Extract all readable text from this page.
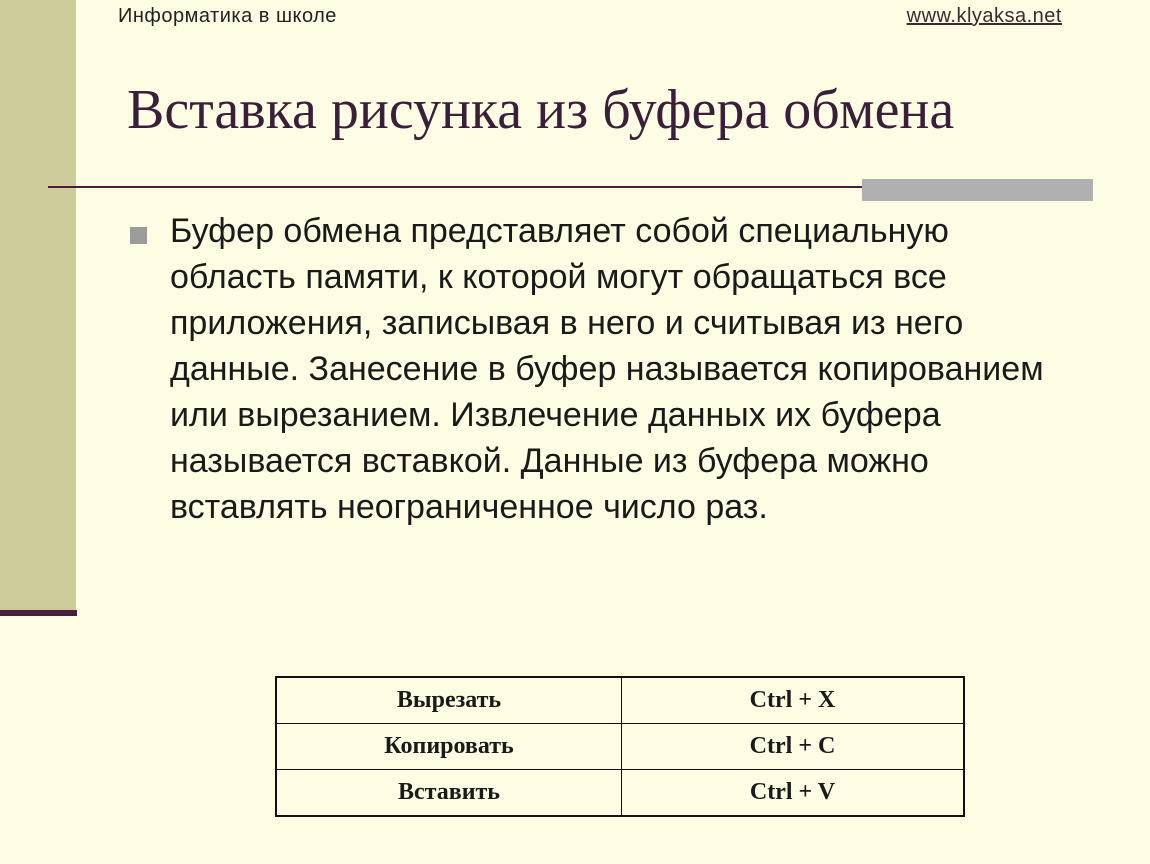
Информатика в школе	www.klyaksa.net
Вставка рисунка из буфера обмена
Буфер обмена представляет собой специальную область памяти, к которой могут обращаться все приложения, записывая в него и считывая из него данные. Занесение в буфер называется копированием или вырезанием. Извлечение данных их буфера называется вставкой. Данные из буфера можно вставлять неограниченное число раз.
Вырезать	Ctrl + X
Копировать	Ctrl + C
Вставить	Ctrl + V
